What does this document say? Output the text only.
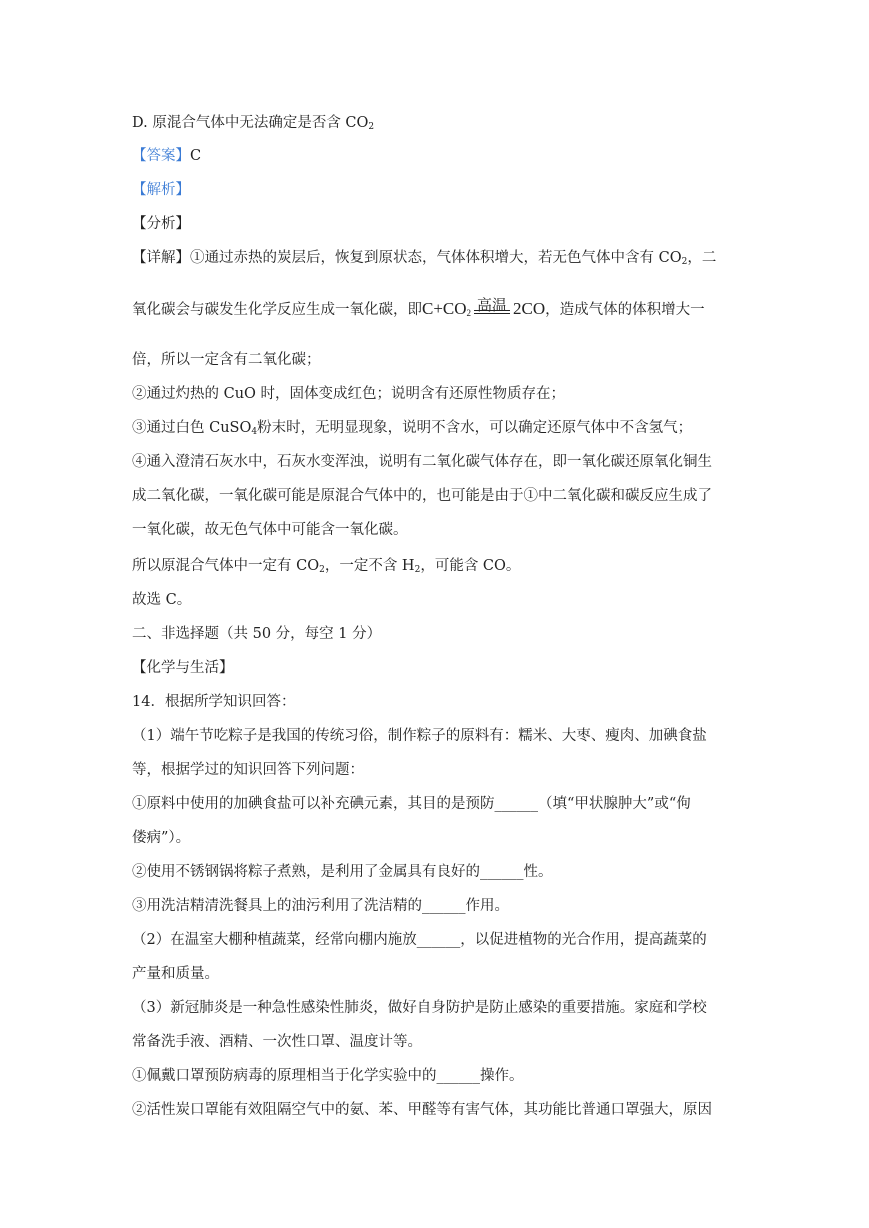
D. 原混合气体中无法确定是否含 $CO_2$
【答案】C
【解析】
【分析】
【详解】①通过赤热的炭层后，恢复到原状态，气体体积增大，若无色气体中含有 $CO_2$，二
氧化碳会与碳发生化学反应生成一氧化碳，即$C+CO_2$ 高温 2CO，造成气体的体积增大一
倍，所以一定含有二氧化碳；
②通过灼热的 CuO 时，固体变成红色；说明含有还原性物质存在；
③通过白色 CuSO$_4$粉末时，无明显现象，说明不含水，可以确定还原气体中不含氢气；
④通入澄清石灰水中，石灰水变浑浊，说明有二氧化碳气体存在，即一氧化碳还原氧化铜生
成二氧化碳，一氧化碳可能是原混合气体中的，也可能是由于①中二氧化碳和碳反应生成了
一氧化碳，故无色气体中可能含一氧化碳。
所以原混合气体中一定有 $CO_2$，一定不含 $H_2$，可能含 CO。
故选 C。
二、非选择题（共 50 分，每空 1 分）
【化学与生活】
14．根据所学知识回答：
（1）端午节吃粽子是我国的传统习俗，制作粽子的原料有：糯米、大枣、瘦肉、加碘食盐
等，根据学过的知识回答下列问题：
①原料中使用的加碘食盐可以补充碘元素，其目的是预防______（填“甲状腺肿大”或“佝
偻病”）。
②使用不锈钢锅将粽子煮熟，是利用了金属具有良好的______性。
③用洗洁精清洗餐具上的油污利用了洗洁精的______作用。
（2）在温室大棚种植蔬菜，经常向棚内施放______，以促进植物的光合作用，提高蔬菜的
产量和质量。
（3）新冠肺炎是一种急性感染性肺炎，做好自身防护是防止感染的重要措施。家庭和学校
常备洗手液、酒精、一次性口罩、温度计等。
①佩戴口罩预防病毒的原理相当于化学实验中的______操作。
②活性炭口罩能有效阻隔空气中的氨、苯、甲醛等有害气体，其功能比普通口罩强大，原因
